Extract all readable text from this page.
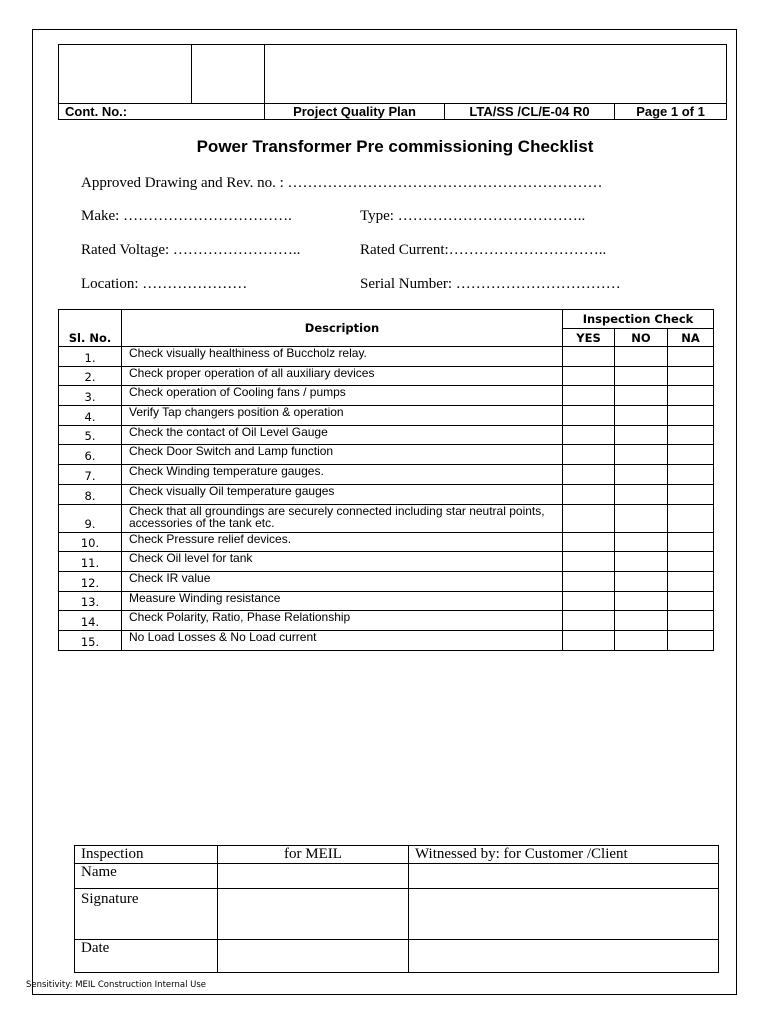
Cont. No.:		Project Quality Plan	LTA/SS /CL/E-04 R0	Page 1 of 1
Power Transformer Pre commissioning Checklist
Approved Drawing and Rev. no. : ………………………………………………………
Make: …………………………….	Type: ………………………………..
Rated Voltage: ……………………..	Rated Current:…………………………..
Location: …………………	Serial Number: ……………………………
Sl. No.	Description	Inspection Check		
		YES	NO	NA
1.	Check visually healthiness of Buccholz relay.			
2.	Check proper operation of all auxiliary devices			
3.	Check operation of Cooling fans / pumps			
4.	Verify Tap changers position & operation			
5.	Check the contact of Oil Level Gauge			
6.	Check Door Switch and Lamp function			
7.	Check Winding temperature gauges.			
8.	Check visually Oil temperature gauges			
9.	Check that all groundings are securely connected including star neutral points, accessories of the tank etc.			
10.	Check Pressure relief devices.			
11.	Check Oil level for tank			
12.	Check IR value			
13.	Measure Winding resistance			
14.	Check Polarity, Ratio, Phase Relationship			
15.	No Load Losses & No Load current			
Inspection	for MEIL	Witnessed by: for Customer /Client
Name		
Signature		
Date		
Sensitivity: MEIL Construction Internal Use
